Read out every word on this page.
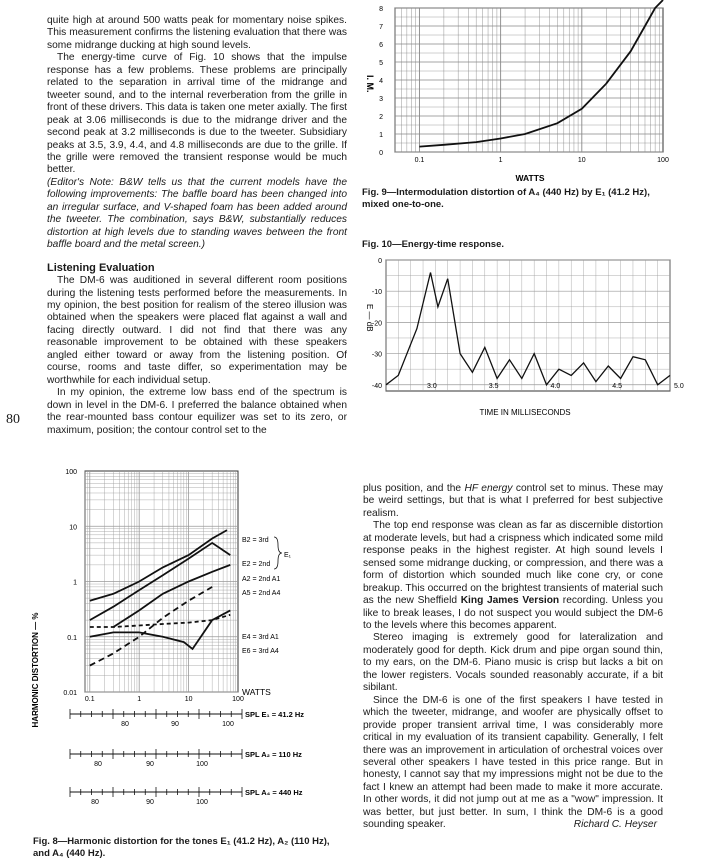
quite high at around 500 watts peak for momentary noise spikes. This measurement confirms the listening evaluation that there was some midrange ducking at high sound levels.

The energy-time curve of Fig. 10 shows that the impulse response has a few problems. These problems are principally related to the separation in arrival time of the midrange and tweeter sound, and to the internal reverberation from the grille in front of these drivers. This data is taken one meter axially. The first peak at 3.06 milliseconds is due to the midrange driver and the second peak at 3.2 milliseconds is due to the tweeter. Subsidiary peaks at 3.5, 3.9, 4.4, and 4.8 milliseconds are due to the grille. If the grille were removed the transient response would be much better.

(Editor's Note: B&W tells us that the current models have the following improvements: The baffle board has been changed into an irregular surface, and V-shaped foam has been added around the tweeter. The combination, says B&W, substantially reduces distortion at high levels due to standing waves between the front baffle board and the metal screen.)

Listening Evaluation

The DM-6 was auditioned in several different room positions during the listening tests performed before the measurements. In my opinion, the best position for realism of the stereo illusion was obtained when the speakers were placed flat against a wall and facing directly outward. I did not find that there was any reasonable improvement to be obtained with these speakers angled either toward or away from the listening position. Of course, rooms and taste differ, so experimentation may be worthwhile for each individual setup.

In my opinion, the extreme low bass end of the spectrum is down in level in the DM-6. I preferred the balance obtained when the rear-mounted bass contour equilizer was set to its zero, or maximum, position; the contour control set to the

80

plus position, and the HF energy control set to minus. These may be weird settings, but that is what I preferred for best subjective realism.

The top end response was clean as far as discernible distortion at moderate levels, but had a crispness which indicated some mild response peaks in the highest register. At high sound levels I sensed some midrange ducking, or compression, and there was a form of distortion which sounded much like cone cry, or cone breakup. This occurred on the brightest transients of material such as the new Sheffield King James Version recording. Unless you like to break leases, I do not suspect you would subject the DM-6 to the levels where this becomes apparent.

Stereo imaging is extremely good for lateralization and moderately good for depth. Kick drum and pipe organ sound thin, to my ears, on the DM-6. Piano music is crisp but lacks a bit on the lower registers. Vocals sounded reasonably accurate, if a bit sibilant.

Since the DM-6 is one of the first speakers I have tested in which the tweeter, midrange, and woofer are physically offset to provide proper transient arrival time, I was considerably more critical in my evaluation of its transient capability. Generally, I felt there was an improvement in articulation of orchestral voices over several other speakers I have tested in this price range. But in honesty, I cannot say that my impressions might not be due to the fact I knew an attempt had been made to make it more accurate. In other words, it did not jump out at me as a "wow" impression. It was better, but just better. In sum, I think the DM-6 is a good sounding speaker.	Richard C. Heyser

0
1
2
3
4
5
6
7
8
0.1	1	10	100
I. M.
WATTS
Fig. 9—Intermodulation distortion of A₄ (440 Hz) by E₁ (41.2 Hz), mixed one-to-one.
Fig. 10—Energy-time response.
0
-10
-20
-30
-40	3.0	3.5	4.0	4.5	5.0
E — dB
TIME IN MILLISECONDS
0.01
0.1
1
10
100
0.1	1	10	100
HARMONIC DISTORTION — %	WATTS
B2 = 3rd
E2 = 2nd
A2 = 2nd A1
A5 = 2nd A4
E4 = 3rd A1
E6 = 3rd A4
E₁
80	90	100
SPL E₁ = 41.2 Hz
80	90	100
SPL A₂ = 110 Hz
80	90	100
SPL A₄ = 440 Hz
Fig. 8—Harmonic distortion for the tones E₁ (41.2 Hz), A₂ (110 Hz), and A₄ (440 Hz).
